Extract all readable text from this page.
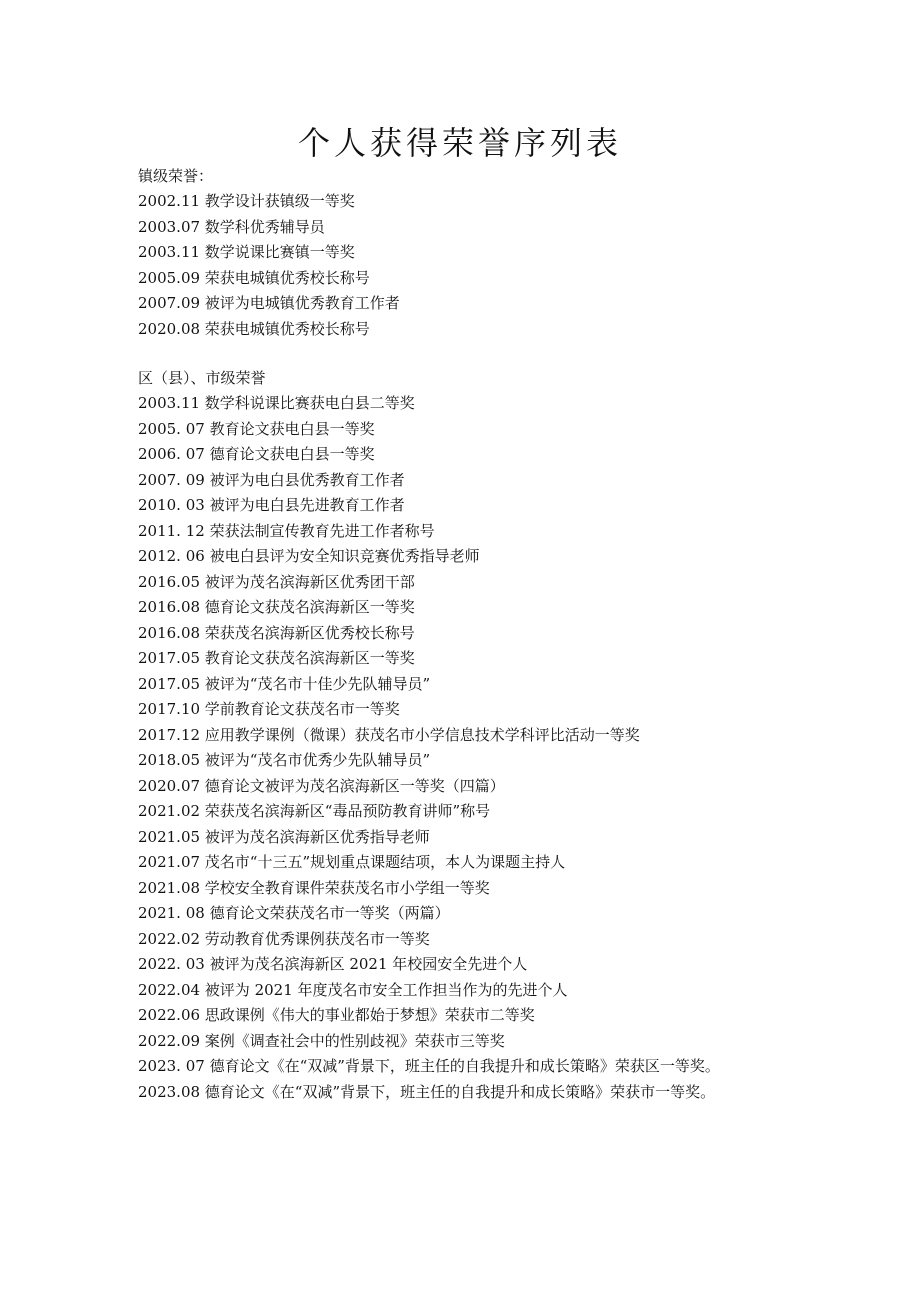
个人获得荣誉序列表
镇级荣誉：
2002.11 教学设计获镇级一等奖
2003.07 数学科优秀辅导员
2003.11 数学说课比赛镇一等奖
2005.09 荣获电城镇优秀校长称号
2007.09 被评为电城镇优秀教育工作者
2020.08 荣获电城镇优秀校长称号
区（县）、市级荣誉
2003.11 数学科说课比赛获电白县二等奖
2005. 07 教育论文获电白县一等奖
2006. 07 德育论文获电白县一等奖
2007. 09 被评为电白县优秀教育工作者
2010. 03 被评为电白县先进教育工作者
2011. 12 荣获法制宣传教育先进工作者称号
2012. 06 被电白县评为安全知识竞赛优秀指导老师
2016.05 被评为茂名滨海新区优秀团干部
2016.08 德育论文获茂名滨海新区一等奖
2016.08 荣获茂名滨海新区优秀校长称号
2017.05 教育论文获茂名滨海新区一等奖
2017.05 被评为“茂名市十佳少先队辅导员”
2017.10 学前教育论文获茂名市一等奖
2017.12 应用教学课例（微课）获茂名市小学信息技术学科评比活动一等奖
2018.05 被评为“茂名市优秀少先队辅导员”
2020.07 德育论文被评为茂名滨海新区一等奖（四篇）
2021.02 荣获茂名滨海新区“毒品预防教育讲师”称号
2021.05 被评为茂名滨海新区优秀指导老师
2021.07 茂名市“十三五”规划重点课题结项，本人为课题主持人
2021.08 学校安全教育课件荣获茂名市小学组一等奖
2021. 08 德育论文荣获茂名市一等奖（两篇）
2022.02 劳动教育优秀课例获茂名市一等奖
2022. 03 被评为茂名滨海新区 2021 年校园安全先进个人
2022.04 被评为 2021 年度茂名市安全工作担当作为的先进个人
2022.06 思政课例《伟大的事业都始于梦想》荣获市二等奖
2022.09 案例《调查社会中的性别歧视》荣获市三等奖
2023. 07 德育论文《在“双减”背景下，班主任的自我提升和成长策略》荣获区一等奖。
2023.08 德育论文《在“双减”背景下，班主任的自我提升和成长策略》荣获市一等奖。
